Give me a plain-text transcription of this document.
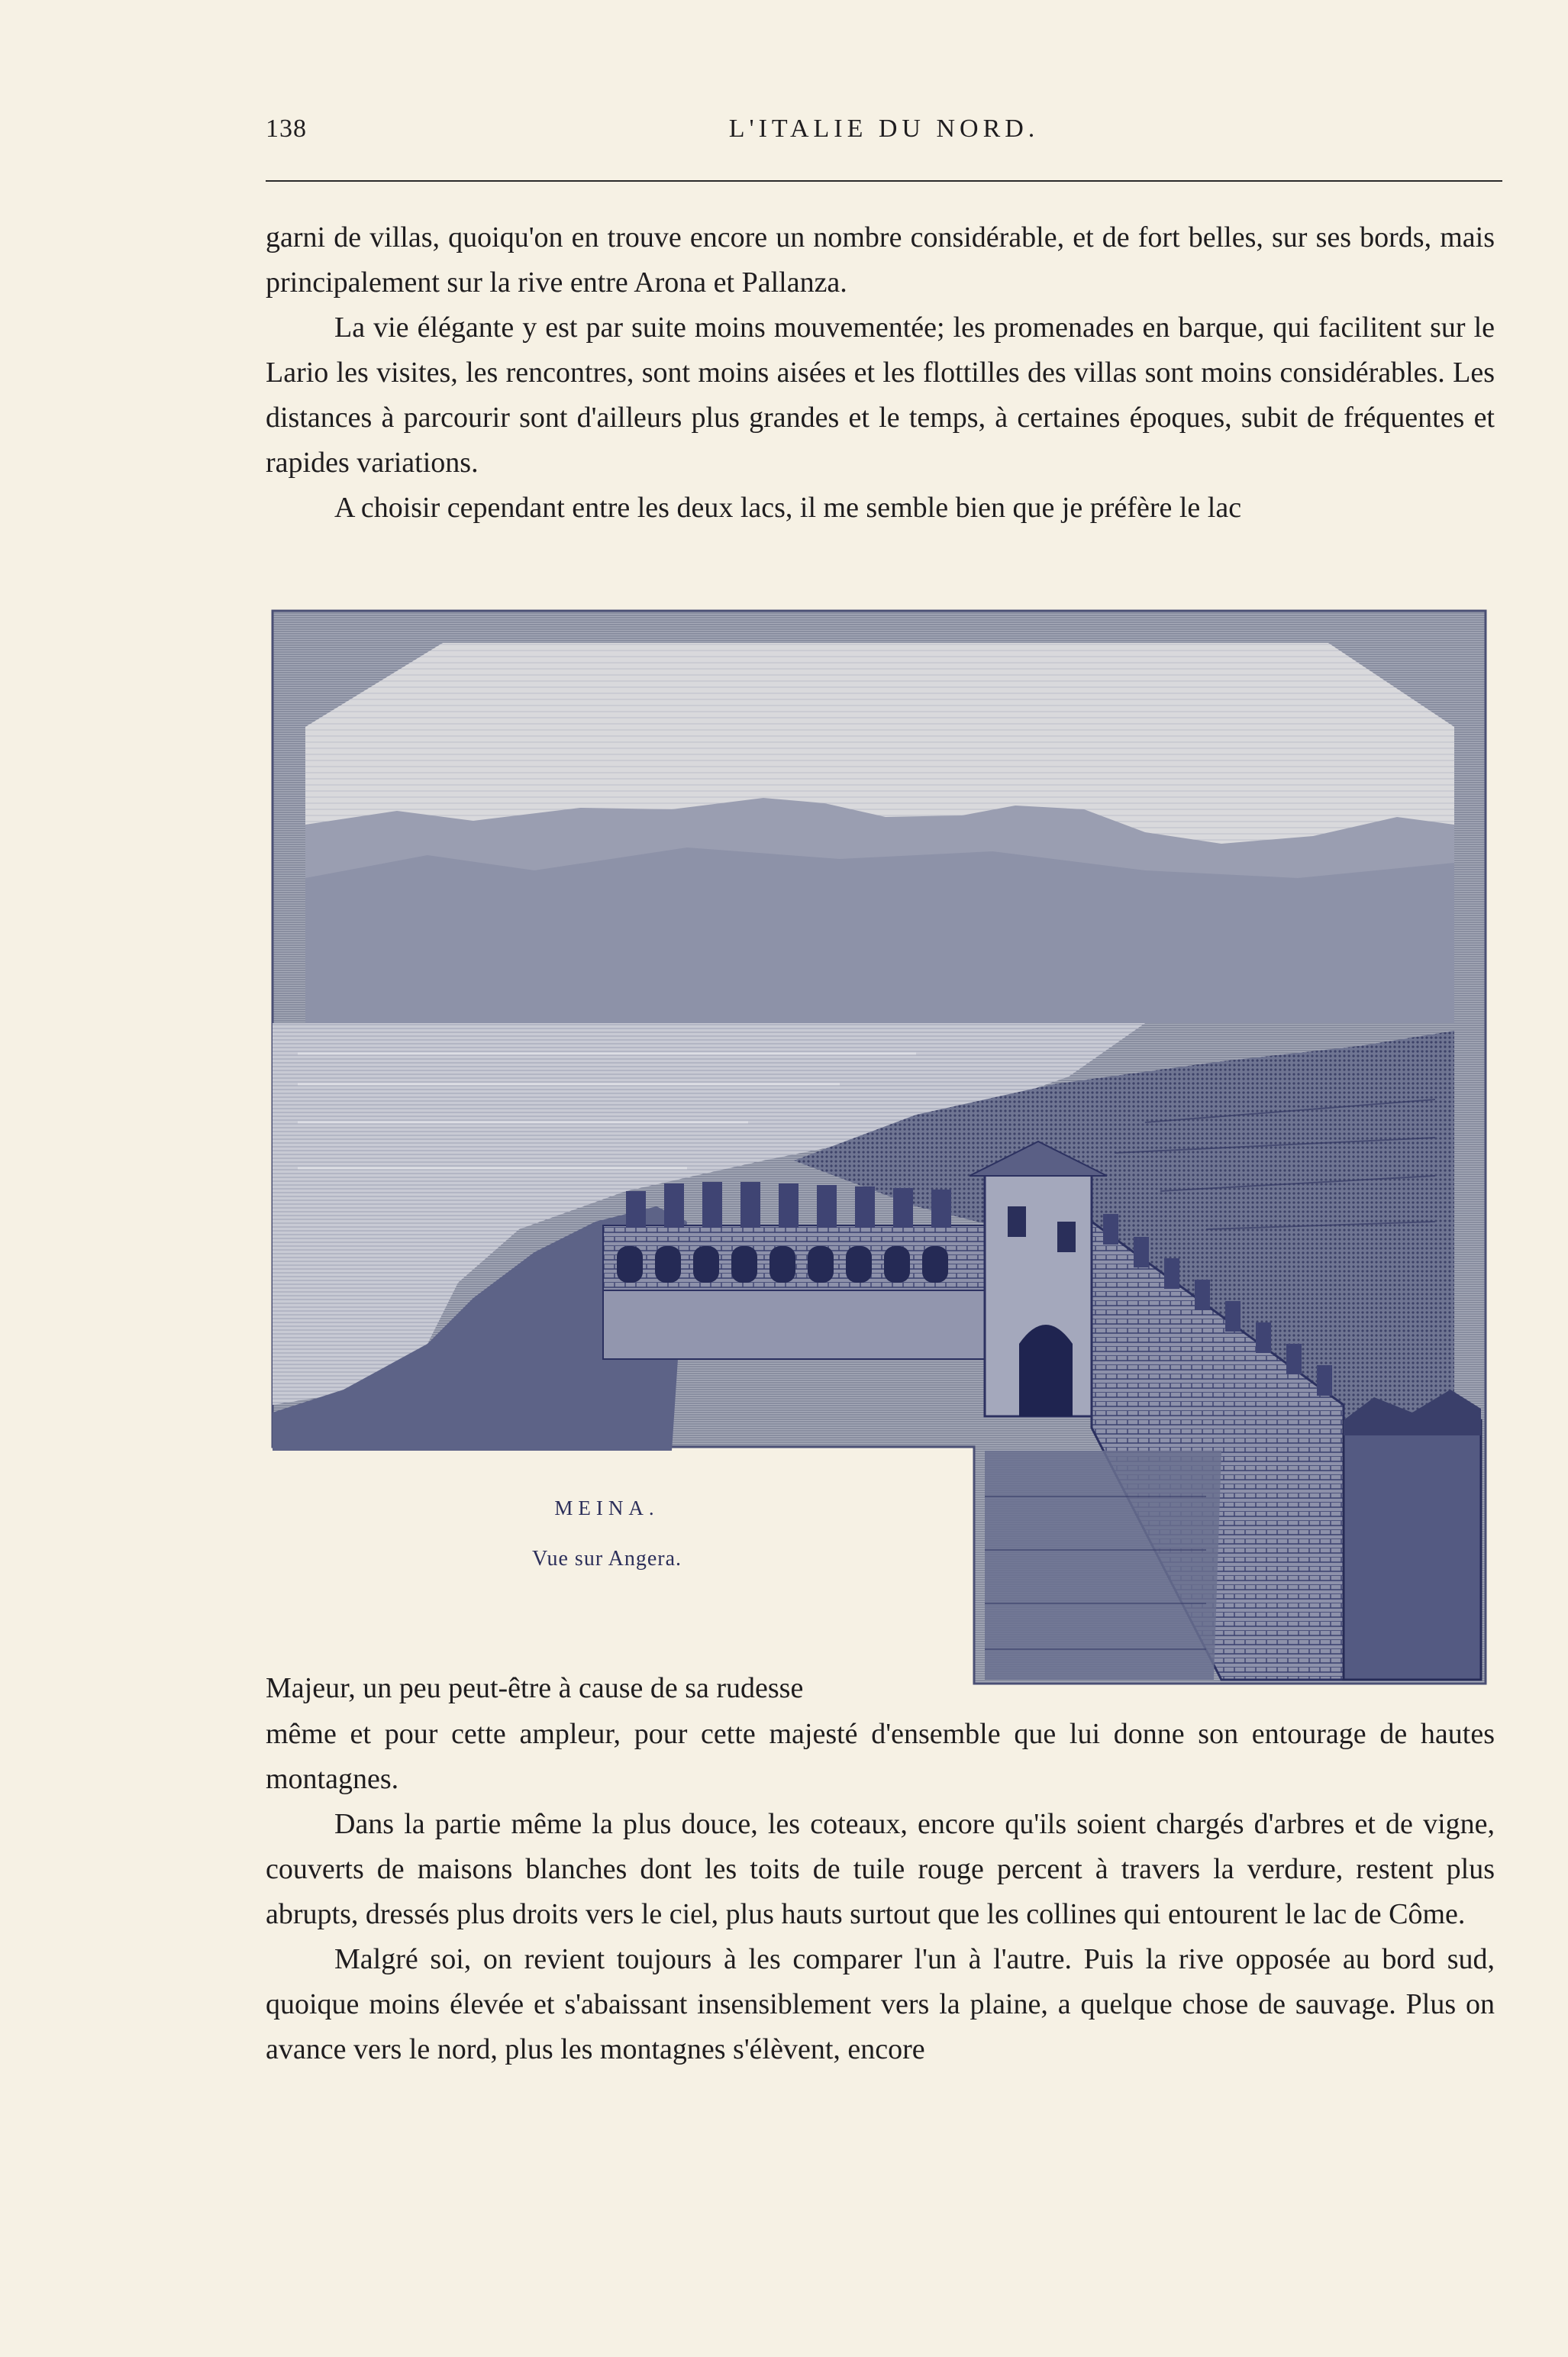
138	L'ITALIE DU NORD.

garni de villas, quoiqu'on en trouve encore un nombre considérable, et de fort belles, sur ses bords, mais principalement sur la rive entre Arona et Pallanza.

La vie élégante y est par suite moins mouvementée; les promenades en barque, qui facilitent sur le Lario les visites, les rencontres, sont moins aisées et les flottilles des villas sont moins considérables. Les distances à parcourir sont d'ailleurs plus grandes et le temps, à certaines époques, subit de fréquentes et rapides variations.

A choisir cependant entre les deux lacs, il me semble bien que je préfère le lac

MEINA.
Vue sur Angera.

Majeur, un peu peut-être à cause de sa rudesse

même et pour cette ampleur, pour cette majesté d'ensemble que lui donne son entourage de hautes montagnes.

Dans la partie même la plus douce, les coteaux, encore qu'ils soient chargés d'arbres et de vigne, couverts de maisons blanches dont les toits de tuile rouge percent à travers la verdure, restent plus abrupts, dressés plus droits vers le ciel, plus hauts surtout que les collines qui entourent le lac de Côme.

Malgré soi, on revient toujours à les comparer l'un à l'autre. Puis la rive opposée au bord sud, quoique moins élevée et s'abaissant insensiblement vers la plaine, a quelque chose de sauvage. Plus on avance vers le nord, plus les montagnes s'élèvent, encore
